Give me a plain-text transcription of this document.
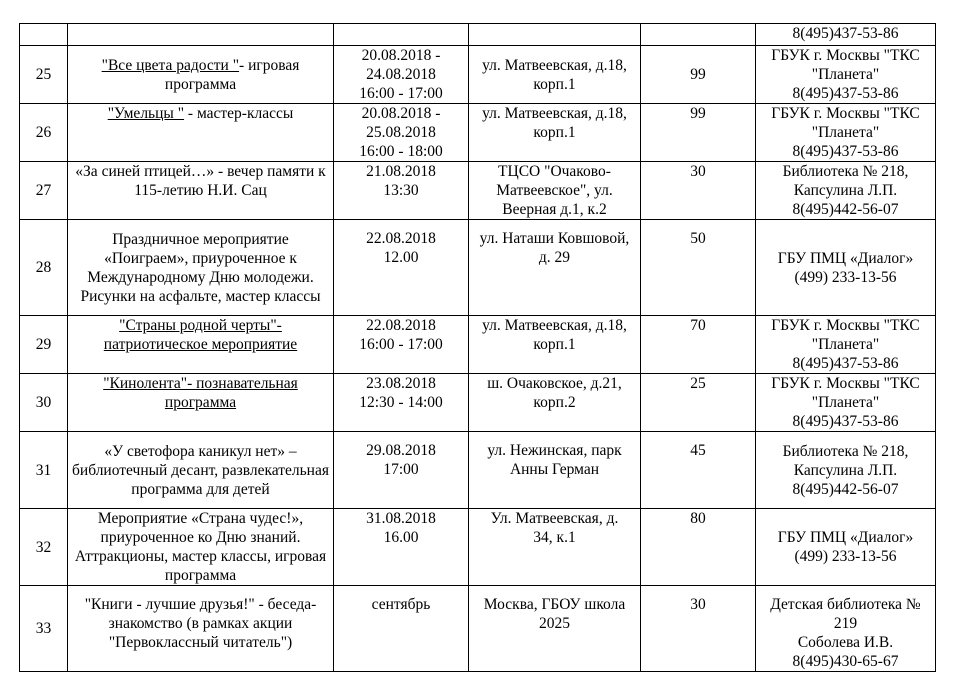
					8(495)437-53-86

25	"Все цвета радости "- игровая программа	20.08.2018 -
24.08.2018
16:00 - 17:00	ул. Матвеевская, д.18,
корп.1	99	ГБУК г. Москвы "ТКС
"Планета"
8(495)437-53-86

26	"Умельцы " - мастер-классы	20.08.2018 -
25.08.2018
16:00 - 18:00	ул. Матвеевская, д.18,
корп.1	99	ГБУК г. Москвы "ТКС
"Планета"
8(495)437-53-86

27	«За синей птицей…» - вечер памяти к 115-летию Н.И. Сац	21.08.2018
13:30	ТЦСО "Очаково-
Матвеевское", ул.
Веерная д.1, к.2	30	Библиотека № 218,
Капсулина Л.П.
8(495)442-56-07

28	Праздничное мероприятие «Поиграем», приуроченное к Международному Дню молодежи. Рисунки на асфальте, мастер классы	22.08.2018
12.00	ул. Наташи Ковшовой,
д. 29	50	ГБУ ПМЦ «Диалог»
(499) 233-13-56

29	"Страны родной черты"- патриотическое мероприятие	22.08.2018
16:00 - 17:00	ул. Матвеевская, д.18,
корп.1	70	ГБУК г. Москвы "ТКС
"Планета"
8(495)437-53-86

30	"Кинолента"- познавательная программа	23.08.2018
12:30 - 14:00	ш. Очаковское, д.21,
корп.2	25	ГБУК г. Москвы "ТКС
"Планета"
8(495)437-53-86

31	«У светофора каникул нет» – библиотечный десант, развлекательная программа для детей	29.08.2018
17:00	ул. Нежинская, парк
Анны Герман	45	Библиотека № 218,
Капсулина Л.П.
8(495)442-56-07

32	Мероприятие «Страна чудес!», приуроченное ко Дню знаний. Аттракционы, мастер классы, игровая программа	31.08.2018
16.00	Ул. Матвеевская, д.
34, к.1	80	ГБУ ПМЦ «Диалог»
(499) 233-13-56

33	"Книги - лучшие друзья!" - беседа-знакомство (в рамках акции "Первоклассный читатель")	сентябрь	Москва, ГБОУ школа
2025	30	Детская библиотека №
219
Соболева И.В.
8(495)430-65-67
